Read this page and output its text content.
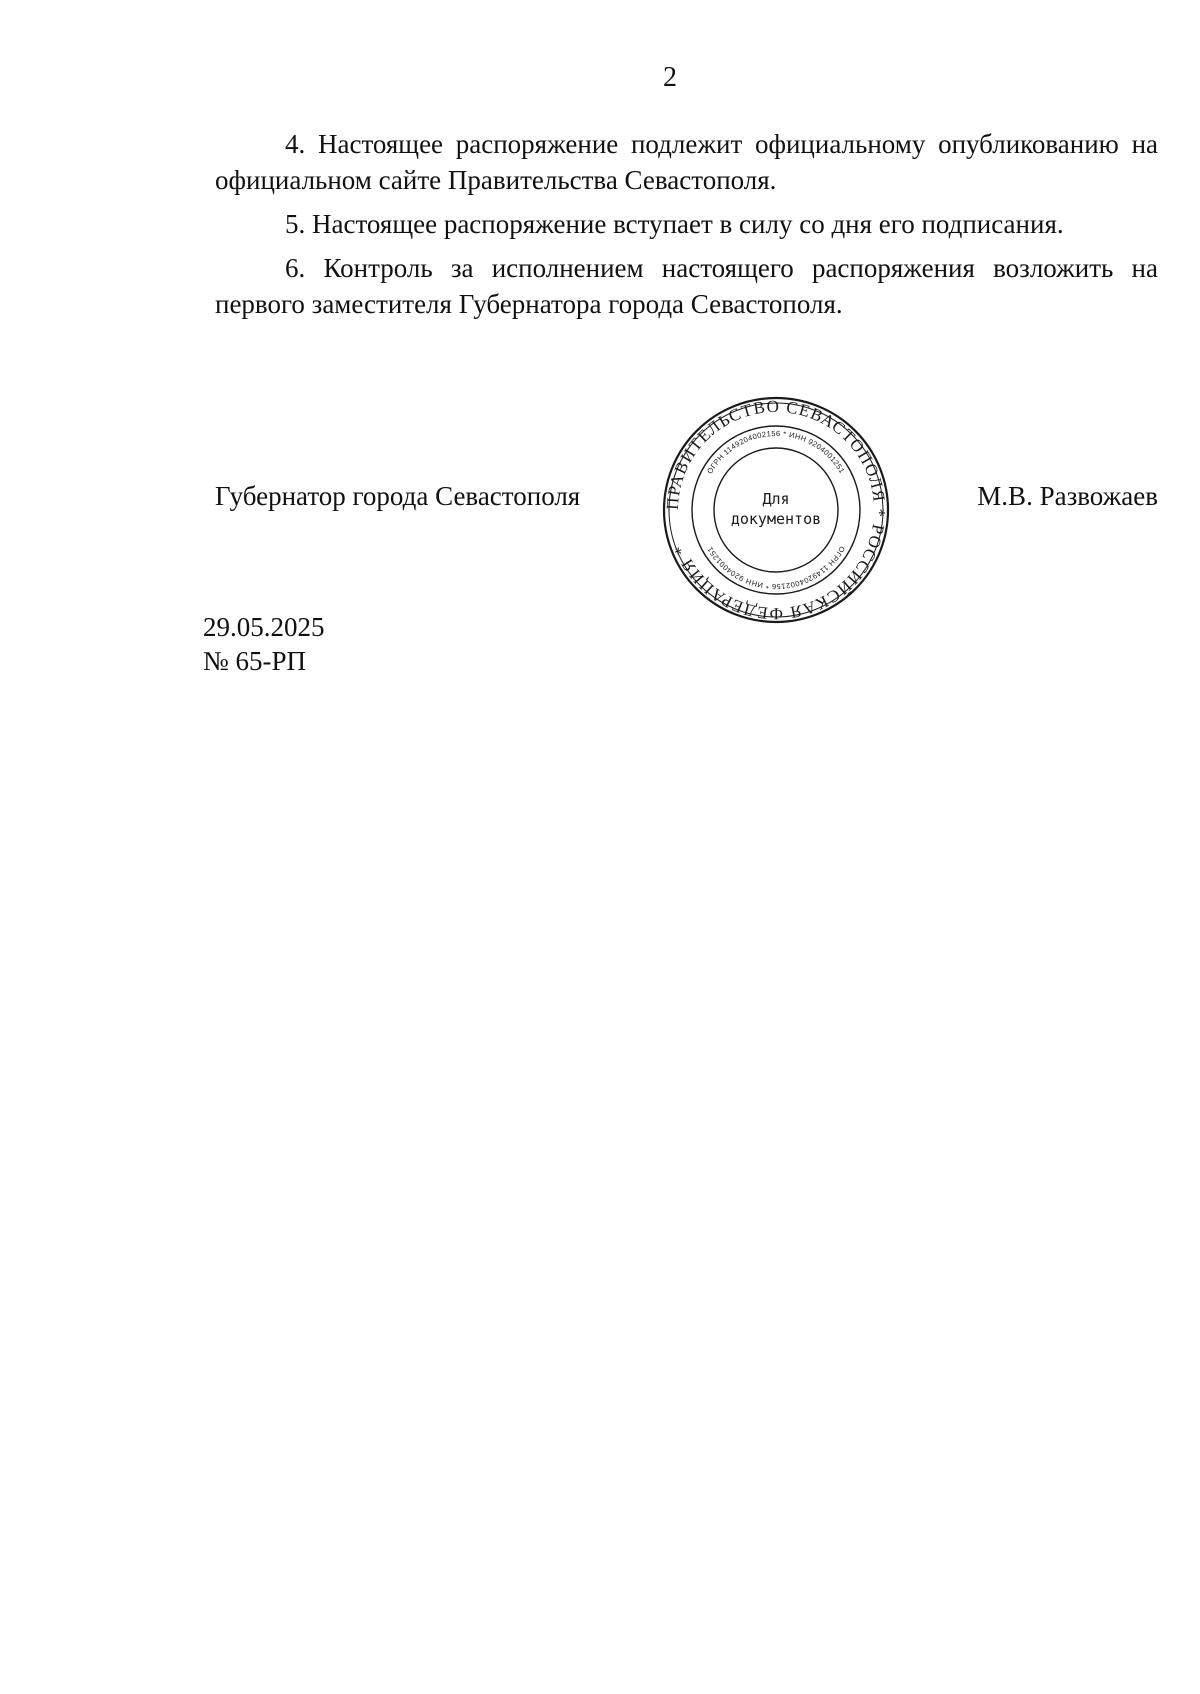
2

4. Настоящее распоряжение подлежит официальному опубликованию на официальном сайте Правительства Севастополя.

5. Настоящее распоряжение вступает в силу со дня его подписания.

6. Контроль за исполнением настоящего распоряжения возложить на первого заместителя Губернатора города Севастополя.

Губернатор города Севастополя	М.В. Развожаев
ПРАВИТЕЛЬСТВО СЕВАСТОПОЛЯ * РОССИЙСКАЯ ФЕДЕРАЦИЯ *
ОГРН 1149204002156 * ИНН 9204001251
ОГРН 1149204002156 * ИНН 9204001251
Для
документов
29.05.2025
№ 65-РП
